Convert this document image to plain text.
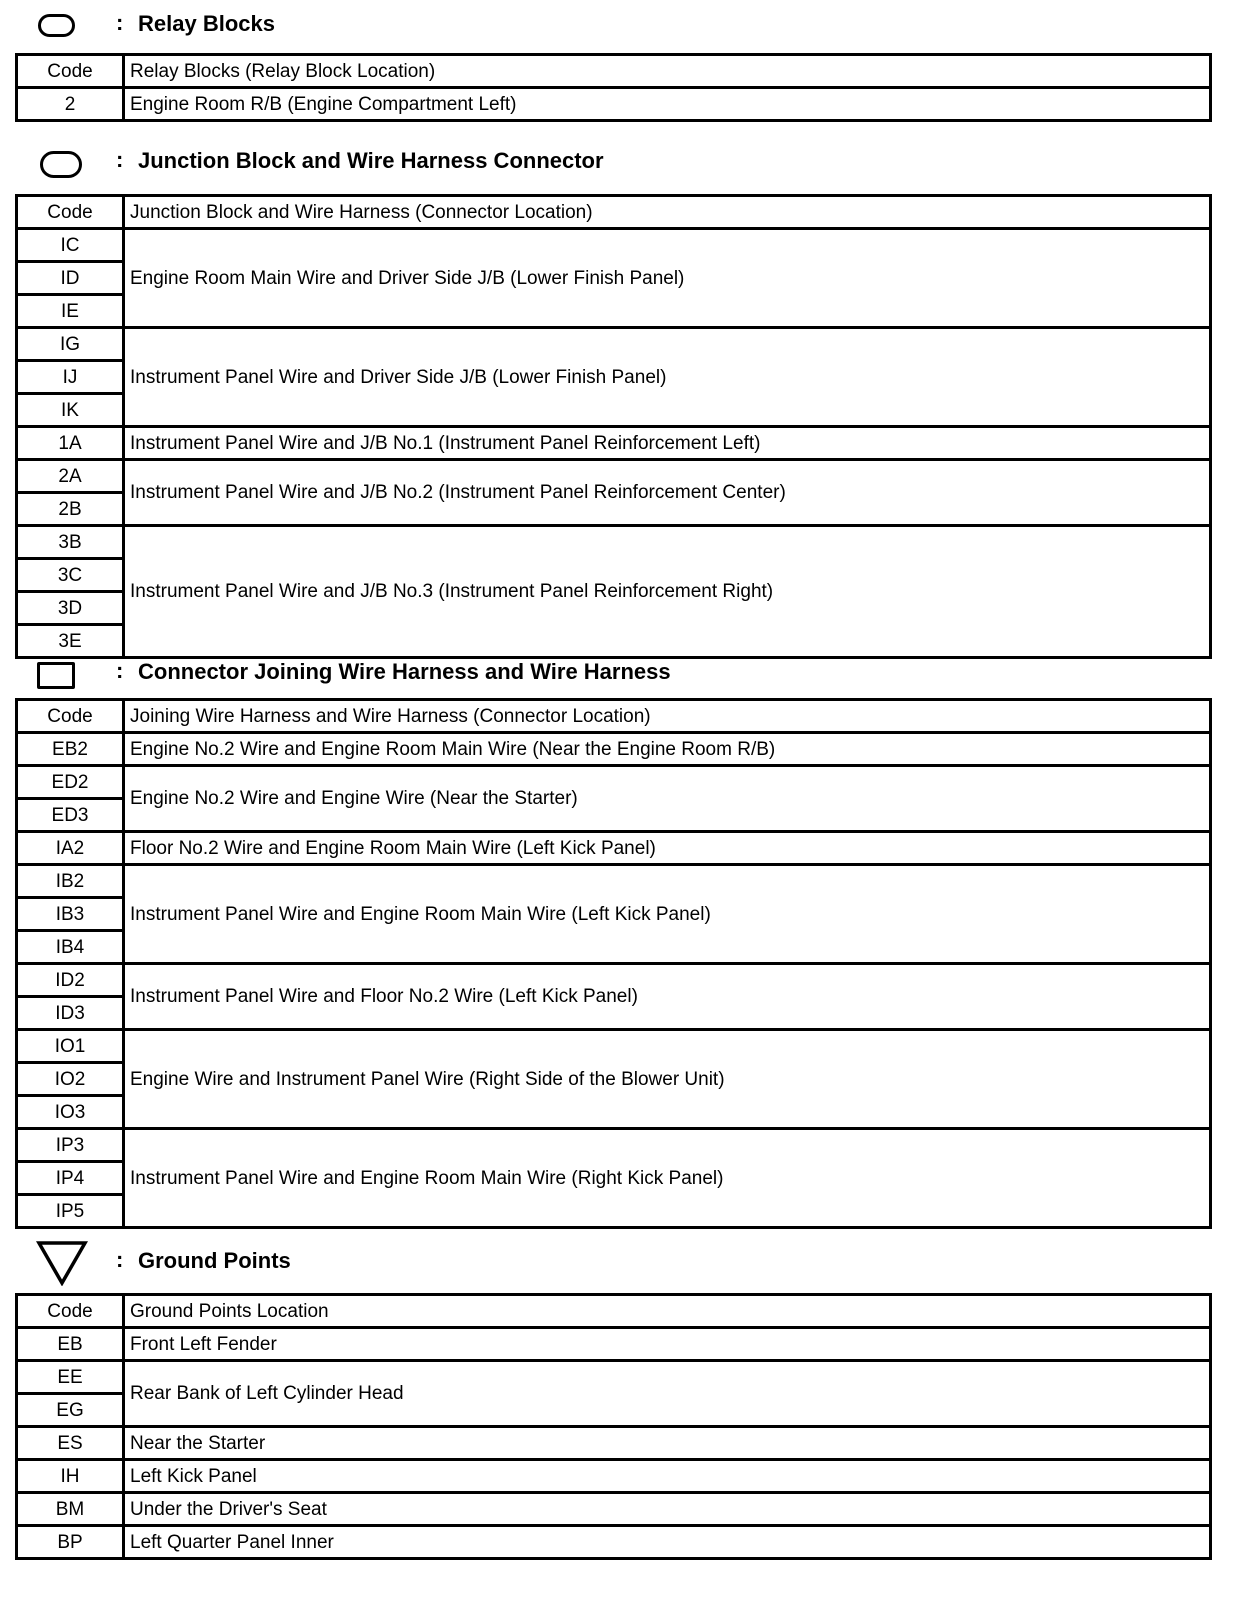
: Relay Blocks
Code	Relay Blocks (Relay Block Location)
2	Engine Room R/B (Engine Compartment Left)
: Junction Block and Wire Harness Connector
Code	Junction Block and Wire Harness (Connector Location)
IC	Engine Room Main Wire and Driver Side J/B (Lower Finish Panel)
ID	
IE	
IG	Instrument Panel Wire and Driver Side J/B (Lower Finish Panel)
IJ	
IK	
1A	Instrument Panel Wire and J/B No.1 (Instrument Panel Reinforcement Left)
2A	Instrument Panel Wire and J/B No.2 (Instrument Panel Reinforcement Center)
2B	
3B	Instrument Panel Wire and J/B No.3 (Instrument Panel Reinforcement Right)
3C	
3D	
3E	
: Connector Joining Wire Harness and Wire Harness
Code	Joining Wire Harness and Wire Harness (Connector Location)
EB2	Engine No.2 Wire and Engine Room Main Wire (Near the Engine Room R/B)
ED2	Engine No.2 Wire and Engine Wire (Near the Starter)
ED3	
IA2	Floor No.2 Wire and Engine Room Main Wire (Left Kick Panel)
IB2	Instrument Panel Wire and Engine Room Main Wire (Left Kick Panel)
IB3	
IB4	
ID2	Instrument Panel Wire and Floor No.2 Wire (Left Kick Panel)
ID3	
IO1	Engine Wire and Instrument Panel Wire (Right Side of the Blower Unit)
IO2	
IO3	
IP3	Instrument Panel Wire and Engine Room Main Wire (Right Kick Panel)
IP4	
IP5	
: Ground Points
Code	Ground Points Location
EB	Front Left Fender
EE	Rear Bank of Left Cylinder Head
EG	
ES	Near the Starter
IH	Left Kick Panel
BM	Under the Driver's Seat
BP	Left Quarter Panel Inner
